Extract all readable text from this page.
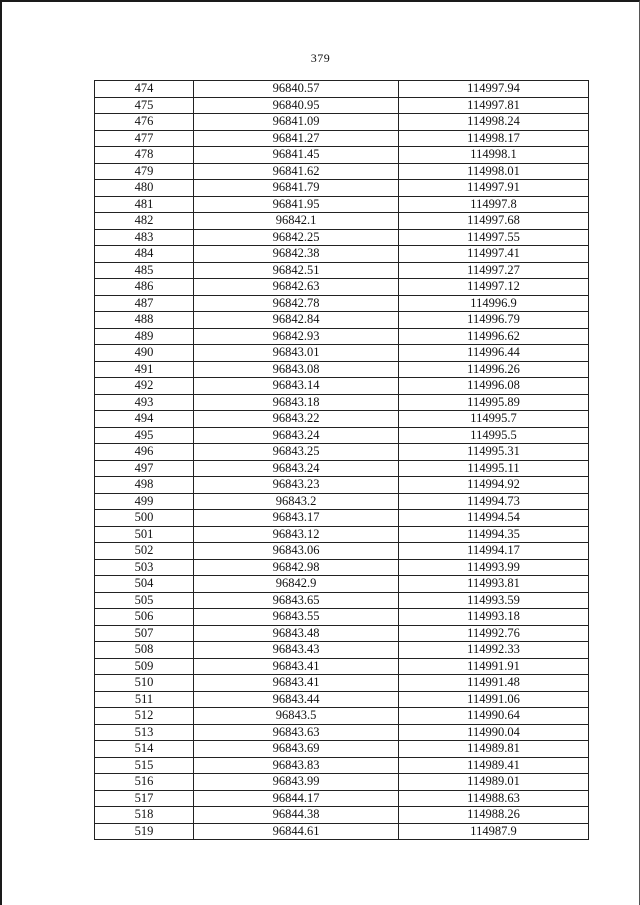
379
474	96840.57	114997.94
475	96840.95	114997.81
476	96841.09	114998.24
477	96841.27	114998.17
478	96841.45	114998.1
479	96841.62	114998.01
480	96841.79	114997.91
481	96841.95	114997.8
482	96842.1	114997.68
483	96842.25	114997.55
484	96842.38	114997.41
485	96842.51	114997.27
486	96842.63	114997.12
487	96842.78	114996.9
488	96842.84	114996.79
489	96842.93	114996.62
490	96843.01	114996.44
491	96843.08	114996.26
492	96843.14	114996.08
493	96843.18	114995.89
494	96843.22	114995.7
495	96843.24	114995.5
496	96843.25	114995.31
497	96843.24	114995.11
498	96843.23	114994.92
499	96843.2	114994.73
500	96843.17	114994.54
501	96843.12	114994.35
502	96843.06	114994.17
503	96842.98	114993.99
504	96842.9	114993.81
505	96843.65	114993.59
506	96843.55	114993.18
507	96843.48	114992.76
508	96843.43	114992.33
509	96843.41	114991.91
510	96843.41	114991.48
511	96843.44	114991.06
512	96843.5	114990.64
513	96843.63	114990.04
514	96843.69	114989.81
515	96843.83	114989.41
516	96843.99	114989.01
517	96844.17	114988.63
518	96844.38	114988.26
519	96844.61	114987.9
